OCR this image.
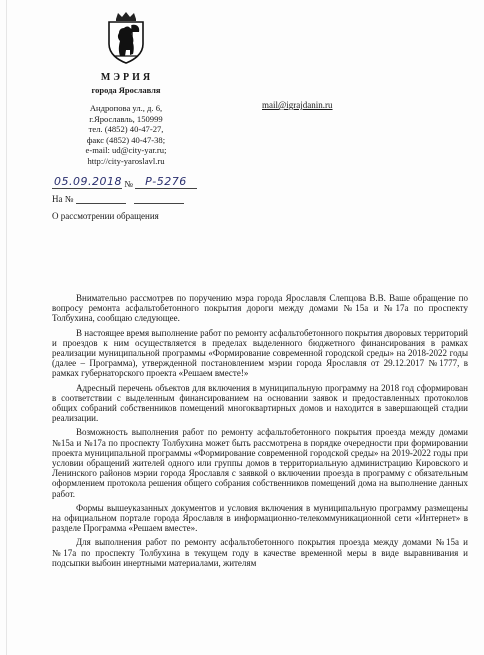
МЭРИЯ
города Ярославля
Андропова ул., д. 6,
г.Ярославль, 150999
тел. (4852) 40-47-27,
факс (4852) 40-47-38;
e-mail: ud@city-yar.ru;
http://city-yaroslavl.ru
mail@igrajdanin.ru
05.09.2018 № Р-5276
На №
О рассмотрении обращения

Внимательно рассмотрев по поручению мэра города Ярославля Слепцова В.В. Ваше обращение по вопросу ремонта асфальтобетонного покрытия дороги между домами №15а и №17а по проспекту Толбухина, сообщаю следующее.

В настоящее время выполнение работ по ремонту асфальтобетонного покрытия дворовых территорий и проездов к ним осуществляется в пределах выделенного бюджетного финансирования в рамках реализации муниципальной программы «Формирование современной городской среды» на 2018-2022 годы (далее – Программа), утвержденной постановлением мэрии города Ярославля от 29.12.2017 №1777, в рамках губернаторского проекта «Решаем вместе!»

Адресный перечень объектов для включения в муниципальную программу на 2018 год сформирован в соответствии с выделенным финансированием на основании заявок и предоставленных протоколов общих собраний собственников помещений многоквартирных домов и находится в завершающей стадии реализации.

Возможность выполнения работ по ремонту асфальтобетонного покрытия проезда между домами №15а и №17а по проспекту Толбухина может быть рассмотрена в порядке очередности при формировании проекта муниципальной программы «Формирование современной городской среды» на 2019-2022 годы при условии обращений жителей одного или группы домов в территориальную администрацию Кировского и Ленинского районов мэрии города Ярославля с заявкой о включении проезда в программу с обязательным оформлением протокола решения общего собрания собственников помещений дома на выполнение данных работ.

Формы вышеуказанных документов и условия включения в муниципальную программу размещены на официальном портале города Ярославля в информационно-телекоммуникационной сети «Интернет» в разделе Программа «Решаем вместе».

Для выполнения работ по ремонту асфальтобетонного покрытия проезда между домами №15а и №17а по проспекту Толбухина в текущем году в качестве временной меры в виде выравнивания и подсыпки выбоин инертными материалами, жителям
